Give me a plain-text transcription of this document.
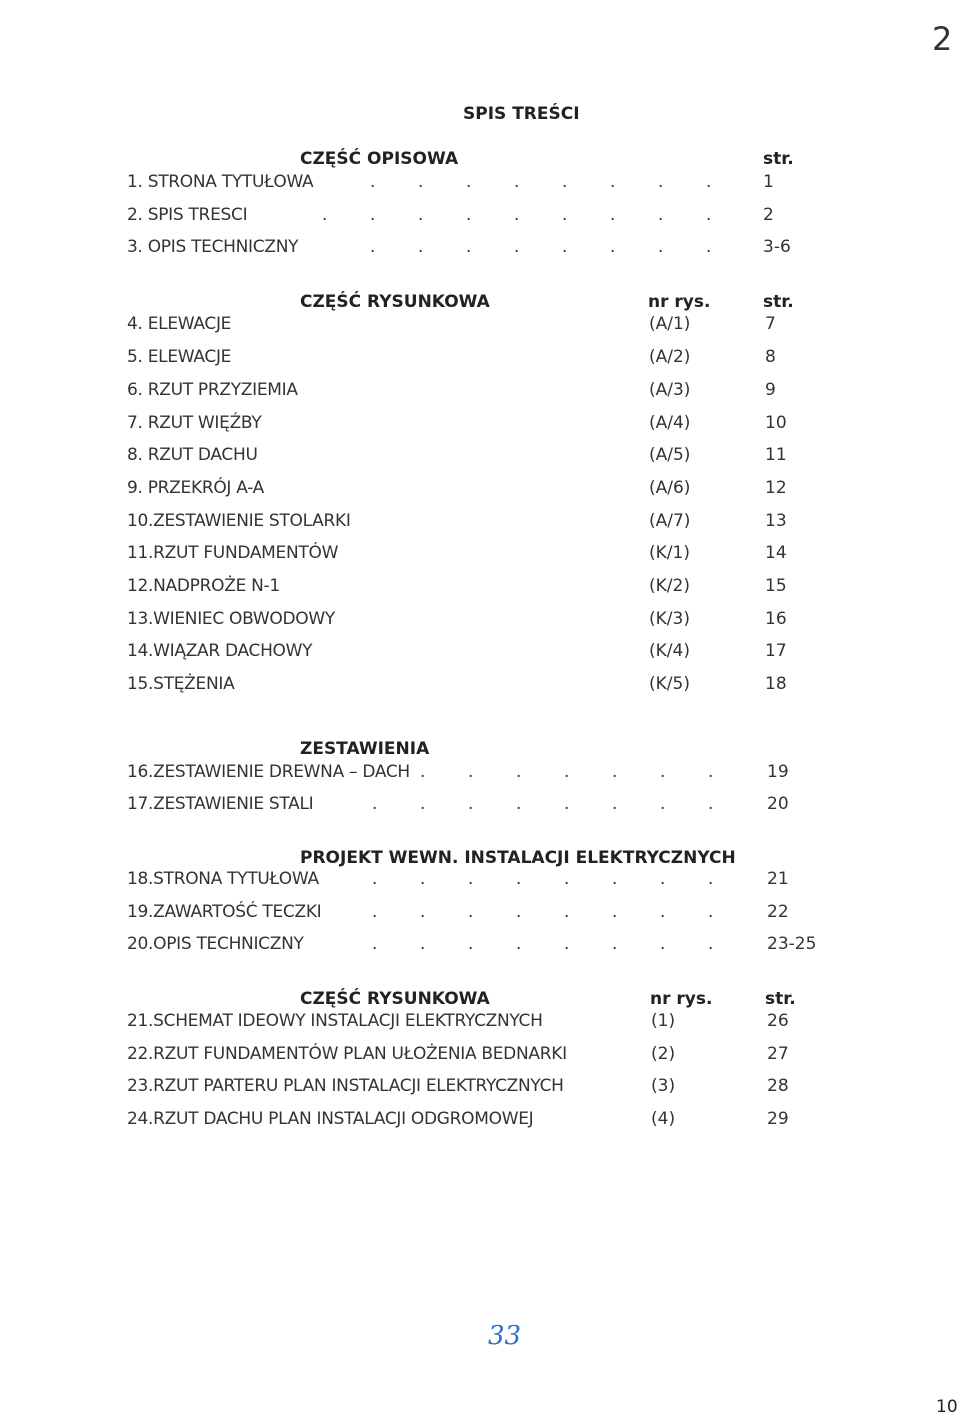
2
SPIS TREŚCI
CZĘŚĆ OPISOWA	str.
1. STRONA TYTUŁOWA	.	.	.	.	.	.	.	.	1
2. SPIS TRESCI	.	.	.	.	.	.	.	.	.	2
3. OPIS TECHNICZNY	.	.	.	.	.	.	.	.	3-6
CZĘŚĆ RYSUNKOWA	nr rys.	str.
4. ELEWACJE	(A/1)	7
5. ELEWACJE	(A/2)	8
6. RZUT PRZYZIEMIA	(A/3)	9
7. RZUT WIĘŹBY	(A/4)	10
8. RZUT DACHU	(A/5)	11
9. PRZEKRÓJ A-A	(A/6)	12
10.ZESTAWIENIE STOLARKI	(A/7)	13
11.RZUT FUNDAMENTÓW	(K/1)	14
12.NADPROŻE N-1	(K/2)	15
13.WIENIEC OBWODOWY	(K/3)	16
14.WIĄZAR DACHOWY	(K/4)	17
15.STĘŻENIA	(K/5)	18
ZESTAWIENIA
16.ZESTAWIENIE DREWNA – DACH .	.	.	.	.	.	.	19
17.ZESTAWIENIE STALI	.	.	.	.	.	.	.	.	20
PROJEKT WEWN. INSTALACJI ELEKTRYCZNYCH
18.STRONA TYTUŁOWA	.	.	.	.	.	.	.	.	21
19.ZAWARTOŚĆ TECZKI	.	.	.	.	.	.	.	.	22
20.OPIS TECHNICZNY	.	.	.	.	.	.	.	.	23-25
CZĘŚĆ RYSUNKOWA	nr rys.	str.
21.SCHEMAT IDEOWY INSTALACJI ELEKTRYCZNYCH	(1)	26
22.RZUT FUNDAMENTÓW PLAN UŁOŻENIA BEDNARKI	(2)	27
23.RZUT PARTERU PLAN INSTALACJI ELEKTRYCZNYCH	(3)	28
24.RZUT DACHU PLAN INSTALACJI ODGROMOWEJ	(4)	29
33
10
